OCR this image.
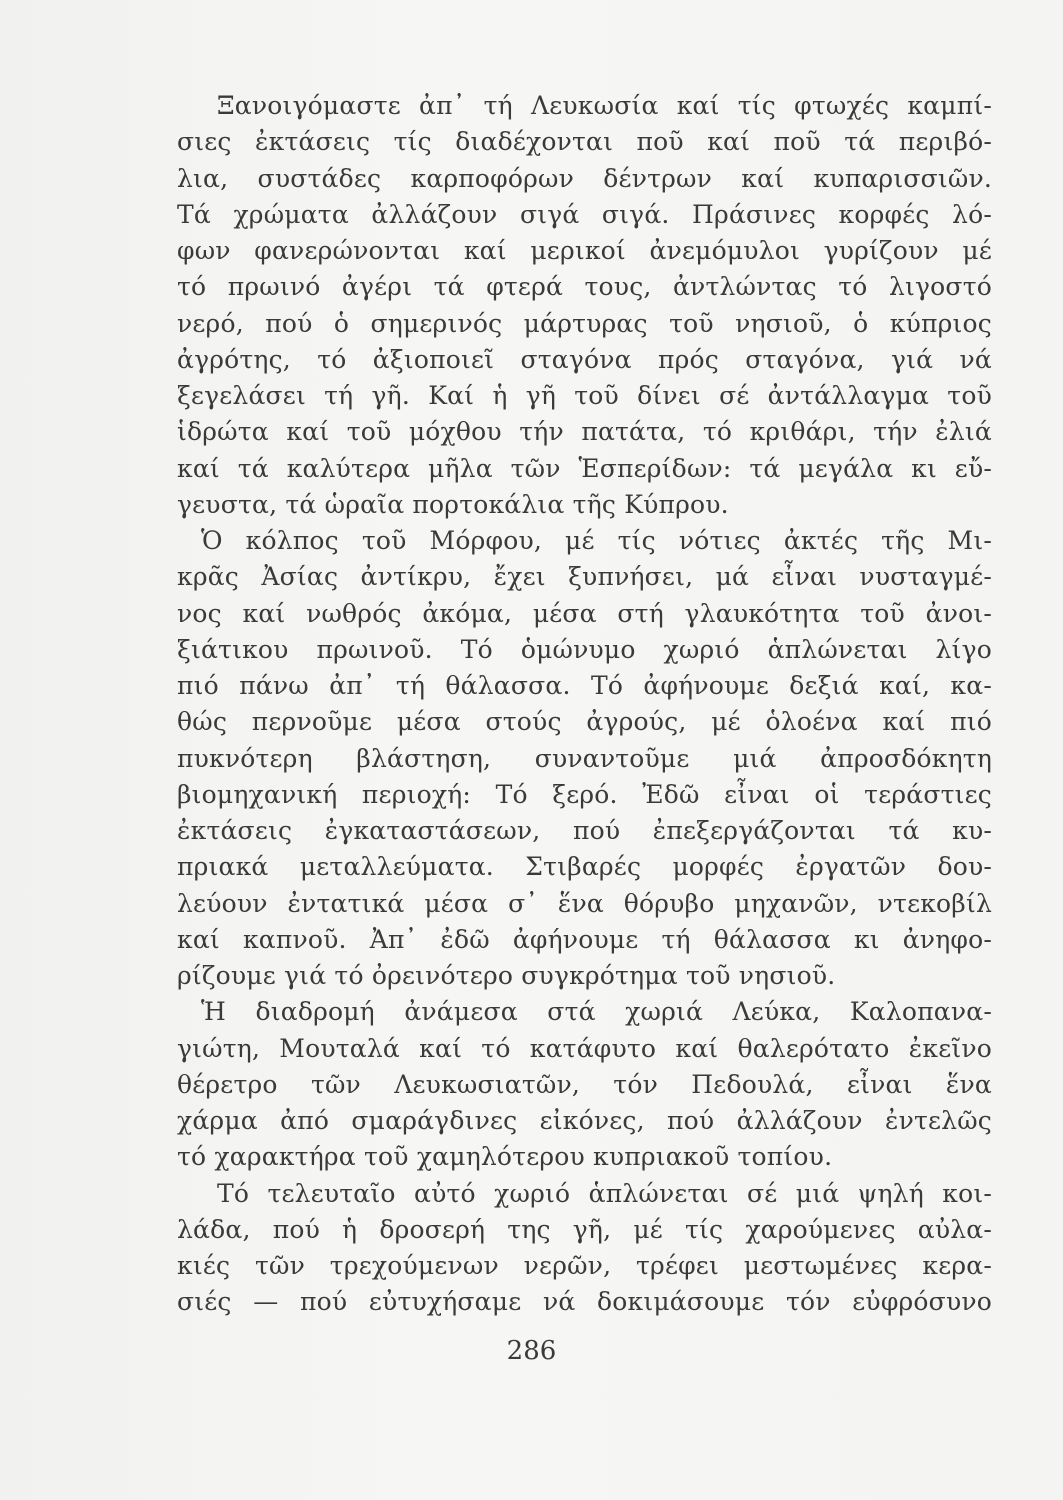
Ξανοιγόμαστε ἀπ᾿ τή Λευκωσία καί τίς φτωχές καμπί-
σιες ἐκτάσεις τίς διαδέχονται ποῦ καί ποῦ τά περιβό-
λια, συστάδες καρποφόρων δέντρων καί κυπαρισσιῶν.
Τά χρώματα ἀλλάζουν σιγά σιγά. Πράσινες κορφές λό-
φων φανερώνονται καί μερικοί ἀνεμόμυλοι γυρίζουν μέ
τό πρωινό ἀγέρι τά φτερά τους, ἀντλώντας τό λιγοστό
νερό, πού ὁ σημερινός μάρτυρας τοῦ νησιοῦ, ὁ κύπριος
ἀγρότης, τό ἀξιοποιεῖ σταγόνα πρός σταγόνα, γιά νά
ξεγελάσει τή γῆ. Καί ἡ γῆ τοῦ δίνει σέ ἀντάλλαγμα τοῦ
ἱδρώτα καί τοῦ μόχθου τήν πατάτα, τό κριθάρι, τήν ἐλιά
καί τά καλύτερα μῆλα τῶν Ἑσπερίδων: τά μεγάλα κι εὔ-
γευστα, τά ὡραῖα πορτοκάλια τῆς Κύπρου.
Ὁ κόλπος τοῦ Μόρφου, μέ τίς νότιες ἀκτές τῆς Μι-
κρᾶς Ἀσίας ἀντίκρυ, ἔχει ξυπνήσει, μά εἶναι νυσταγμέ-
νος καί νωθρός ἀκόμα, μέσα στή γλαυκότητα τοῦ ἀνοι-
ξιάτικου πρωινοῦ. Τό ὁμώνυμο χωριό ἁπλώνεται λίγο
πιό πάνω ἀπ᾿ τή θάλασσα. Τό ἀφήνουμε δεξιά καί, κα-
θώς περνοῦμε μέσα στούς ἀγρούς, μέ ὁλοένα καί πιό
πυκνότερη βλάστηση, συναντοῦμε μιά ἀπροσδόκητη
βιομηχανική περιοχή: Τό ξερό. Ἐδῶ εἶναι οἱ τεράστιες
ἐκτάσεις ἐγκαταστάσεων, πού ἐπεξεργάζονται τά κυ-
πριακά μεταλλεύματα. Στιβαρές μορφές ἐργατῶν δου-
λεύουν ἐντατικά μέσα σ᾿ ἕνα θόρυβο μηχανῶν, ντεκοβίλ
καί καπνοῦ. Ἀπ᾿ ἐδῶ ἀφήνουμε τή θάλασσα κι ἀνηφο-
ρίζουμε γιά τό ὀρεινότερο συγκρότημα τοῦ νησιοῦ.
Ἡ διαδρομή ἀνάμεσα στά χωριά Λεύκα, Καλοπανα-
γιώτη, Μουταλά καί τό κατάφυτο καί θαλερότατο ἐκεῖνο
θέρετρο τῶν Λευκωσιατῶν, τόν Πεδουλά, εἶναι ἕνα
χάρμα ἀπό σμαράγδινες εἰκόνες, πού ἀλλάζουν ἐντελῶς
τό χαρακτήρα τοῦ χαμηλότερου κυπριακοῦ τοπίου.
Τό τελευταῖο αὐτό χωριό ἁπλώνεται σέ μιά ψηλή κοι-
λάδα, πού ἡ δροσερή της γῆ, μέ τίς χαρούμενες αὐλα-
κιές τῶν τρεχούμενων νερῶν, τρέφει μεστωμένες κερα-
σιές — πού εὐτυχήσαμε νά δοκιμάσουμε τόν εὐφρόσυνο
286
